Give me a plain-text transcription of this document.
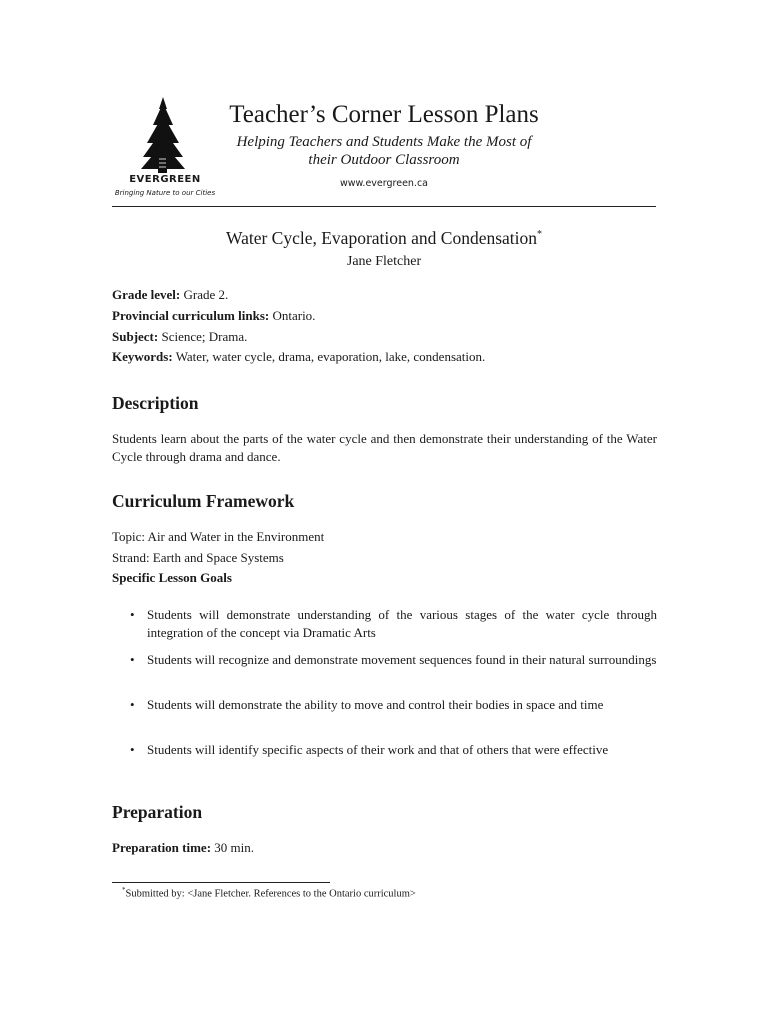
EVERGREEN
Bringing Nature to our Cities
Teacher’s Corner Lesson Plans
Helping Teachers and Students Make the Most of
their Outdoor Classroom
www.evergreen.ca
Water Cycle, Evaporation and Condensation*
Jane Fletcher
Grade level: Grade 2.
Provincial curriculum links: Ontario.
Subject: Science; Drama.
Keywords: Water, water cycle, drama, evaporation, lake, condensation.
Description
Students learn about the parts of the water cycle and then demonstrate their understanding of the Water Cycle through drama and dance.
Curriculum Framework
Topic: Air and Water in the Environment
Strand: Earth and Space Systems
Specific Lesson Goals
• Students will demonstrate understanding of the various stages of the water cycle through integration of the concept via Dramatic Arts
• Students will recognize and demonstrate movement sequences found in their natural surroundings
• Students will demonstrate the ability to move and control their bodies in space and time
• Students will identify specific aspects of their work and that of others that were effective
Preparation
Preparation time: 30 min.
*Submitted by: <Jane Fletcher. References to the Ontario curriculum>
